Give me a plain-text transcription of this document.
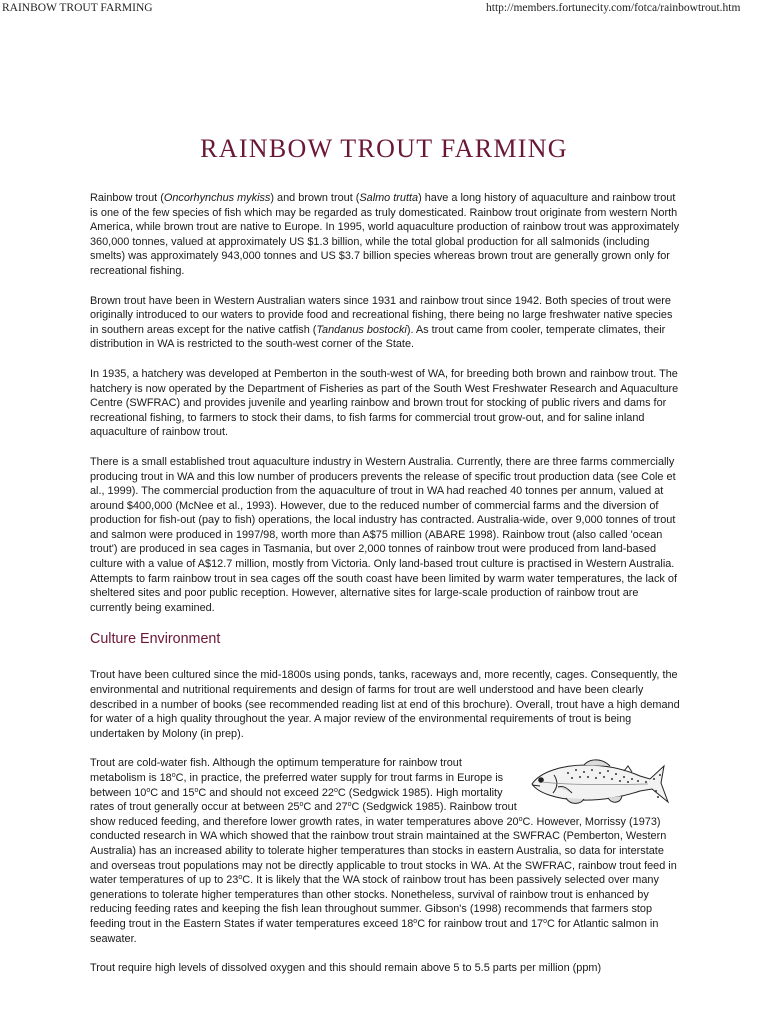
RAINBOW TROUT FARMING	http://members.fortunecity.com/fotca/rainbowtrout.htm
RAINBOW TROUT FARMING

Rainbow trout (Oncorhynchus mykiss) and brown trout (Salmo trutta) have a long history of aquaculture and rainbow trout is one of the few species of fish which may be regarded as truly domesticated. Rainbow trout originate from western North America, while brown trout are native to Europe. In 1995, world aquaculture production of rainbow trout was approximately 360,000 tonnes, valued at approximately US $1.3 billion, while the total global production for all salmonids (including smelts) was approximately 943,000 tonnes and US $3.7 billion species whereas brown trout are generally grown only for recreational fishing.

Brown trout have been in Western Australian waters since 1931 and rainbow trout since 1942. Both species of trout were originally introduced to our waters to provide food and recreational fishing, there being no large freshwater native species in southern areas except for the native catfish (Tandanus bostocki). As trout came from cooler, temperate climates, their distribution in WA is restricted to the south-west corner of the State.

In 1935, a hatchery was developed at Pemberton in the south-west of WA, for breeding both brown and rainbow trout. The hatchery is now operated by the Department of Fisheries as part of the South West Freshwater Research and Aquaculture Centre (SWFRAC) and provides juvenile and yearling rainbow and brown trout for stocking of public rivers and dams for recreational fishing, to farmers to stock their dams, to fish farms for commercial trout grow-out, and for saline inland aquaculture of rainbow trout.

There is a small established trout aquaculture industry in Western Australia. Currently, there are three farms commercially producing trout in WA and this low number of producers prevents the release of specific trout production data (see Cole et al., 1999). The commercial production from the aquaculture of trout in WA had reached 40 tonnes per annum, valued at around $400,000 (McNee et al., 1993). However, due to the reduced number of commercial farms and the diversion of production for fish-out (pay to fish) operations, the local industry has contracted. Australia-wide, over 9,000 tonnes of trout and salmon were produced in 1997/98, worth more than A$75 million (ABARE 1998). Rainbow trout (also called 'ocean trout') are produced in sea cages in Tasmania, but over 2,000 tonnes of rainbow trout were produced from land-based culture with a value of A$12.7 million, mostly from Victoria. Only land-based trout culture is practised in Western Australia. Attempts to farm rainbow trout in sea cages off the south coast have been limited by warm water temperatures, the lack of sheltered sites and poor public reception. However, alternative sites for large-scale production of rainbow trout are currently being examined.

Culture Environment

Trout have been cultured since the mid-1800s using ponds, tanks, raceways and, more recently, cages. Consequently, the environmental and nutritional requirements and design of farms for trout are well understood and have been clearly described in a number of books (see recommended reading list at end of this brochure). Overall, trout have a high demand for water of a high quality throughout the year. A major review of the environmental requirements of trout is being undertaken by Molony (in prep).

Trout are cold-water fish. Although the optimum temperature for rainbow trout metabolism is 18$^o$C, in practice, the preferred water supply for trout farms in Europe is between 10$^o$C and 15$^o$C and should not exceed 22$^o$C (Sedgwick 1985). High mortality rates of trout generally occur at between 25$^o$C and 27$^o$C (Sedgwick 1985). Rainbow trout show reduced feeding, and therefore lower growth rates, in water temperatures above 20$^o$C. However, Morrissy (1973) conducted research in WA which showed that the rainbow trout strain maintained at the SWFRAC (Pemberton, Western Australia) has an increased ability to tolerate higher temperatures than stocks in eastern Australia, so data for interstate and overseas trout populations may not be directly applicable to trout stocks in WA. At the SWFRAC, rainbow trout feed in water temperatures of up to 23$^o$C. It is likely that the WA stock of rainbow trout has been passively selected over many generations to tolerate higher temperatures than other stocks. Nonetheless, survival of rainbow trout is enhanced by reducing feeding rates and keeping the fish lean throughout summer. Gibson's (1998) recommends that farmers stop feeding trout in the Eastern States if water temperatures exceed 18$^o$C for rainbow trout and 17$^o$C for Atlantic salmon in seawater.

Trout require high levels of dissolved oxygen and this should remain above 5 to 5.5 parts per million (ppm)
